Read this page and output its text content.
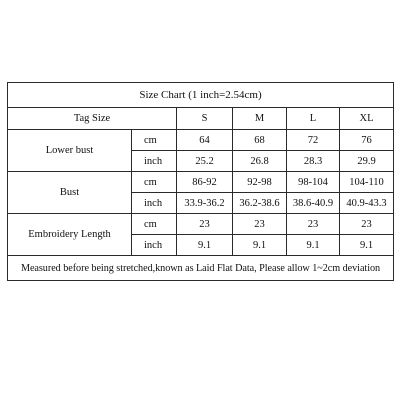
Size Chart (1 inch=2.54cm)					
Tag Size		S	M	L	XL
Lower bust	cm	64	68	72	76
	inch	25.2	26.8	28.3	29.9
Bust	cm	86-92	92-98	98-104	104-110
	inch	33.9-36.2	36.2-38.6	38.6-40.9	40.9-43.3
Embroidery Length	cm	23	23	23	23
	inch	9.1	9.1	9.1	9.1
Measured before being stretched,known as Laid Flat Data, Please allow 1~2cm deviation					
